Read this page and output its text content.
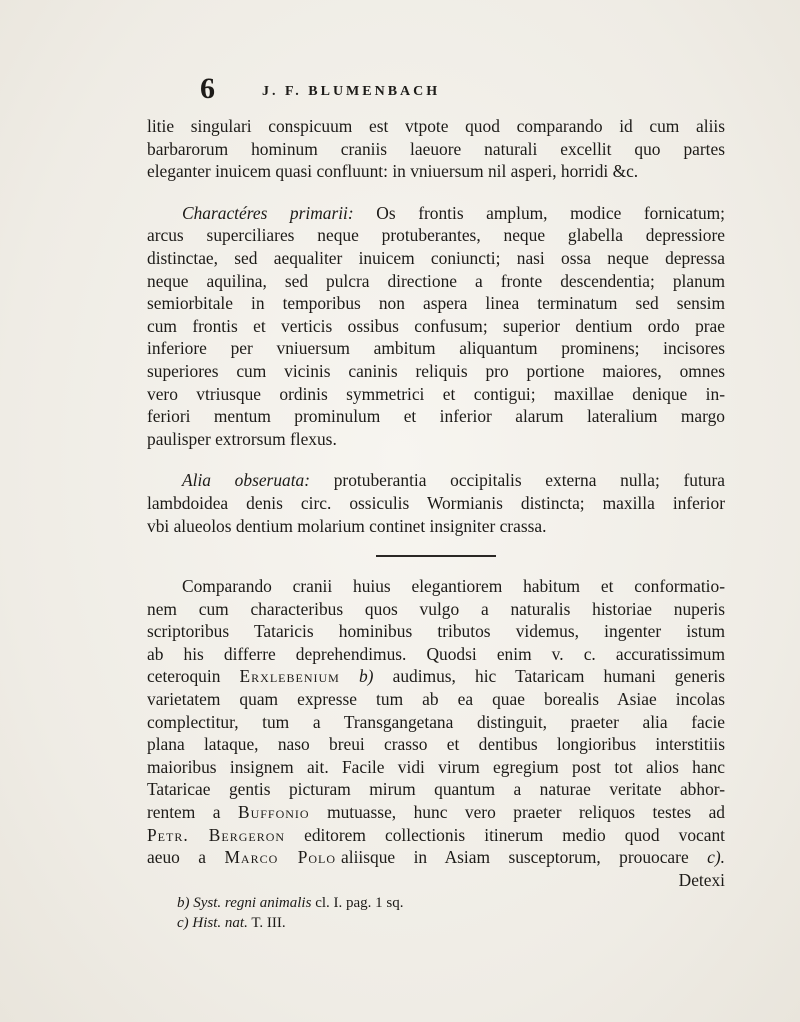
6	J. F. BLUMENBACH

litie singulari conspicuum est vtpote quod comparando id cum aliis

barbarorum hominum craniis laeuore naturali excellit quo partes

eleganter inuicem quasi confluunt: in vniuersum nil asperi, horridi &c.

Charactéres primarii: Os frontis amplum, modice fornicatum;

arcus superciliares neque protuberantes, neque glabella depressiore

distinctae, sed aequaliter inuicem coniuncti; nasi ossa neque depressa

neque aquilina, sed pulcra directione a fronte descendentia; planum

semiorbitale in temporibus non aspera linea terminatum sed sensim

cum frontis et verticis ossibus confusum; superior dentium ordo prae

inferiore per vniuersum ambitum aliquantum prominens; incisores

superiores cum vicinis caninis reliquis pro portione maiores, omnes

vero vtriusque ordinis symmetrici et contigui; maxillae denique in-

feriori mentum prominulum et inferior alarum lateralium margo

paulisper extrorsum flexus.

Alia obseruata: protuberantia occipitalis externa nulla; futura

lambdoidea denis circ. ossiculis Wormianis distincta; maxilla inferior

vbi alueolos dentium molarium continet insigniter crassa.

Comparando cranii huius elegantiorem habitum et conformatio-

nem cum characteribus quos vulgo a naturalis historiae nuperis

scriptoribus Tataricis hominibus tributos videmus, ingenter istum

ab his differre deprehendimus. Quodsi enim v. c. accuratissimum

ceteroquin Erxlebenium b) audimus, hic Tataricam humani generis

varietatem quam expresse tum ab ea quae borealis Asiae incolas

complectitur, tum a Transgangetana distinguit, praeter alia facie

plana lataque, naso breui crasso et dentibus longioribus interstitiis

maioribus insignem ait. Facile vidi virum egregium post tot alios hanc

Tataricae gentis picturam mirum quantum a naturae veritate abhor-

rentem a Buffonio mutuasse, hunc vero praeter reliquos testes ad

Petr. Bergeron editorem collectionis itinerum medio quod vocant

aeuo a Marco Polo aliisque in Asiam susceptorum, prouocare c).

Detexi

b) Syst. regni animalis cl. I. pag. 1 sq.

c) Hist. nat. T. III.
